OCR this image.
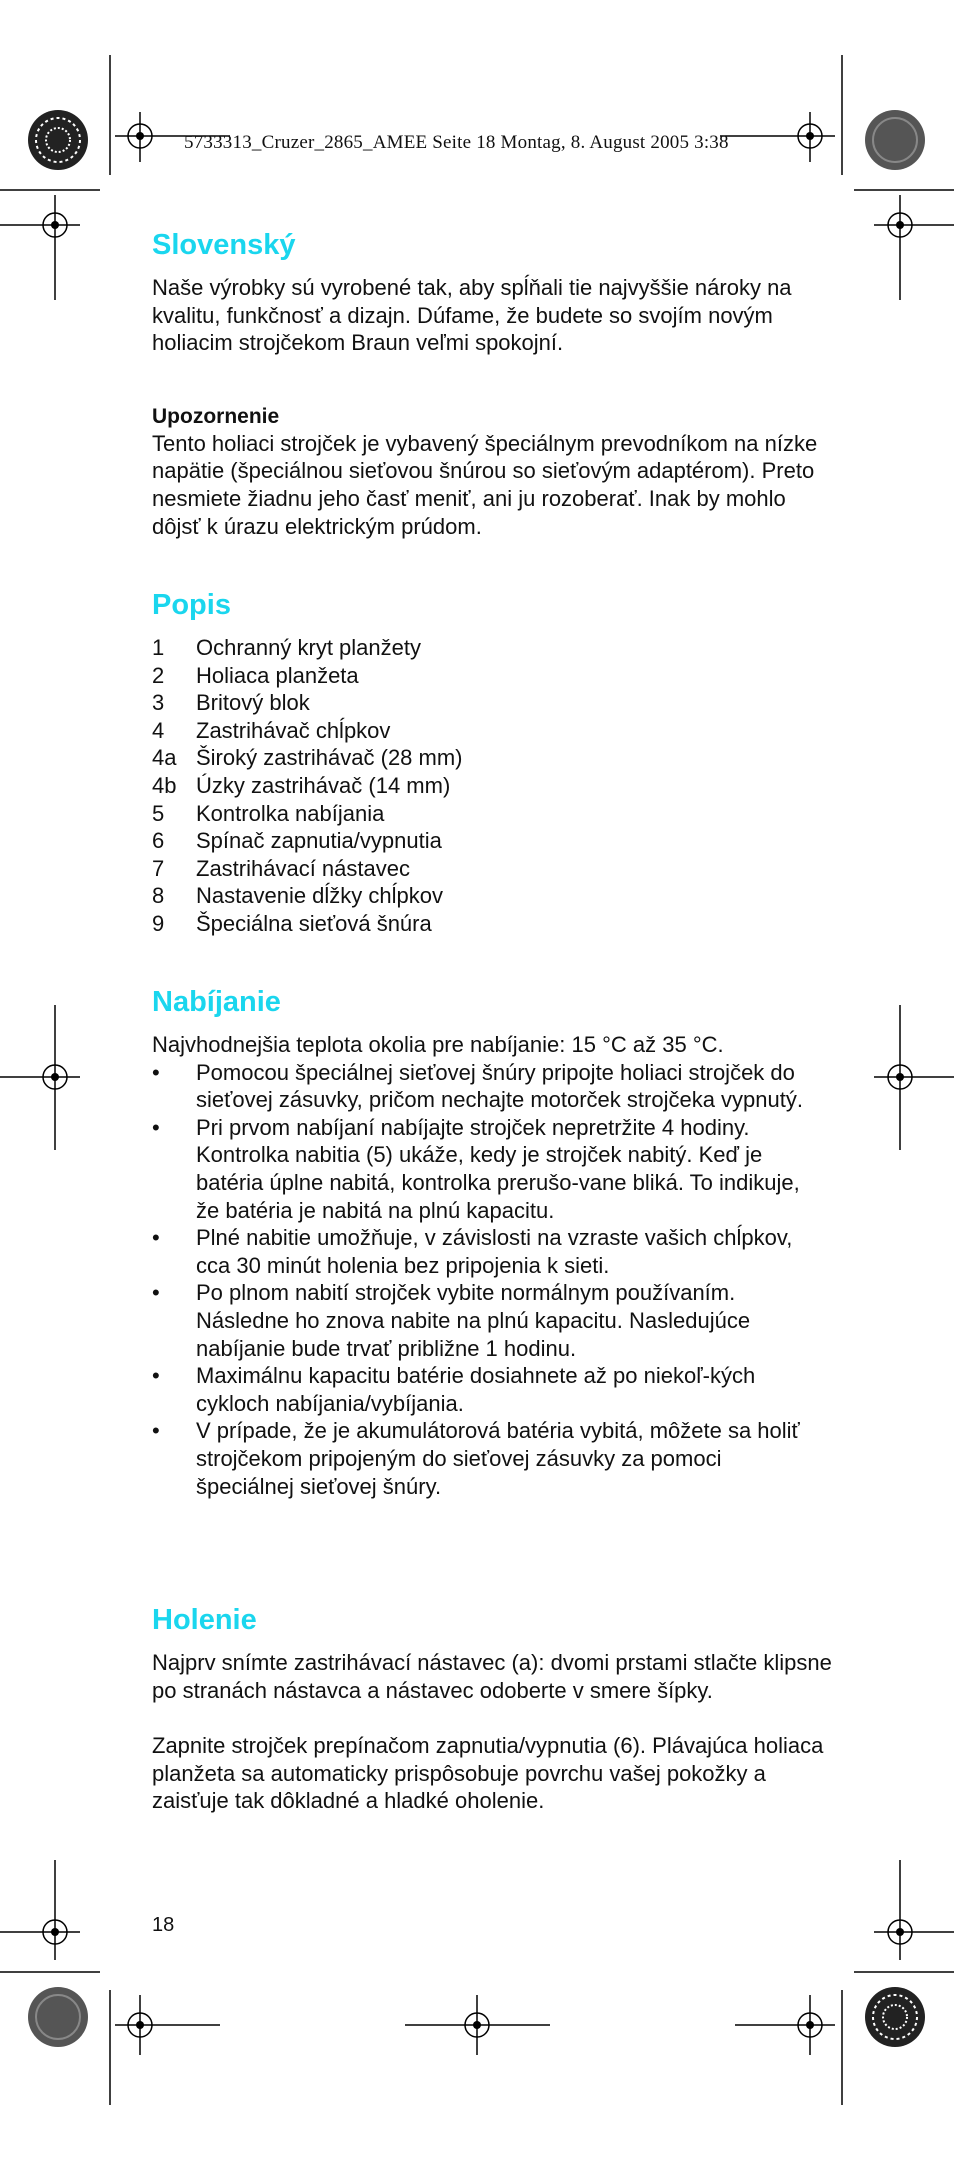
5733313_Cruzer_2865_AMEE Seite 18 Montag, 8. August 2005 3:38
Slovenský

Naše výrobky sú vyrobené tak, aby spĺňali tie najvyššie nároky na kvalitu, funkčnosť a dizajn. Dúfame, že budete so svojím novým holiacim strojčekom Braun veľmi spokojní.

Upozornenie

Tento holiaci strojček je vybavený špeciálnym prevodníkom na nízke napätie (špeciálnou sieťovou šnúrou so sieťovým adaptérom). Preto nesmiete žiadnu jeho časť meniť, ani ju rozoberať. Inak by mohlo dôjsť k úrazu elektrickým prúdom.

Popis
1	Ochranný kryt planžety
2	Holiaca planžeta
3	Britový blok
4	Zastrihávač chĺpkov
4a Široký zastrihávač (28 mm)
4b Úzky zastrihávač (14 mm)
5	Kontrolka nabíjania
6	Spínač zapnutia/vypnutia
7	Zastrihávací nástavec
8	Nastavenie dĺžky chĺpkov
9	Špeciálna sieťová šnúra
Nabíjanie

Najvhodnejšia teplota okolia pre nabíjanie: 15 °C až 35 °C.

•	Pomocou špeciálnej sieťovej šnúry pripojte holiaci strojček do sieťovej zásuvky, pričom nechajte motorček strojčeka vypnutý.
•	Pri prvom nabíjaní nabíjajte strojček nepretržite 4 hodiny. Kontrolka nabitia (5) ukáže, kedy je strojček nabitý. Keď je batéria úplne nabitá, kontrolka prerušo-vane bliká. To indikuje, že batéria je nabitá na plnú kapacitu.
•	Plné nabitie umožňuje, v závislosti na vzraste vašich chĺpkov, cca 30 minút holenia bez pripojenia k sieti.
•	Po plnom nabití strojček vybite normálnym používaním. Následne ho znova nabite na plnú kapacitu. Nasledujúce nabíjanie bude trvať približne 1 hodinu.
•	Maximálnu kapacitu batérie dosiahnete až po niekoľ-kých cykloch nabíjania/vybíjania.
•	V prípade, že je akumulátorová batéria vybitá, môžete sa holiť strojčekom pripojeným do sieťovej zásuvky za pomoci špeciálnej sieťovej šnúry.
Holenie

Najprv snímte zastrihávací nástavec (a): dvomi prstami stlačte klipsne po stranách nástavca a nástavec odoberte v smere šípky.

Zapnite strojček prepínačom zapnutia/vypnutia (6). Plávajúca holiaca planžeta sa automaticky prispôsobuje povrchu vašej pokožky a zaisťuje tak dôkladné a hladké oholenie.

18
